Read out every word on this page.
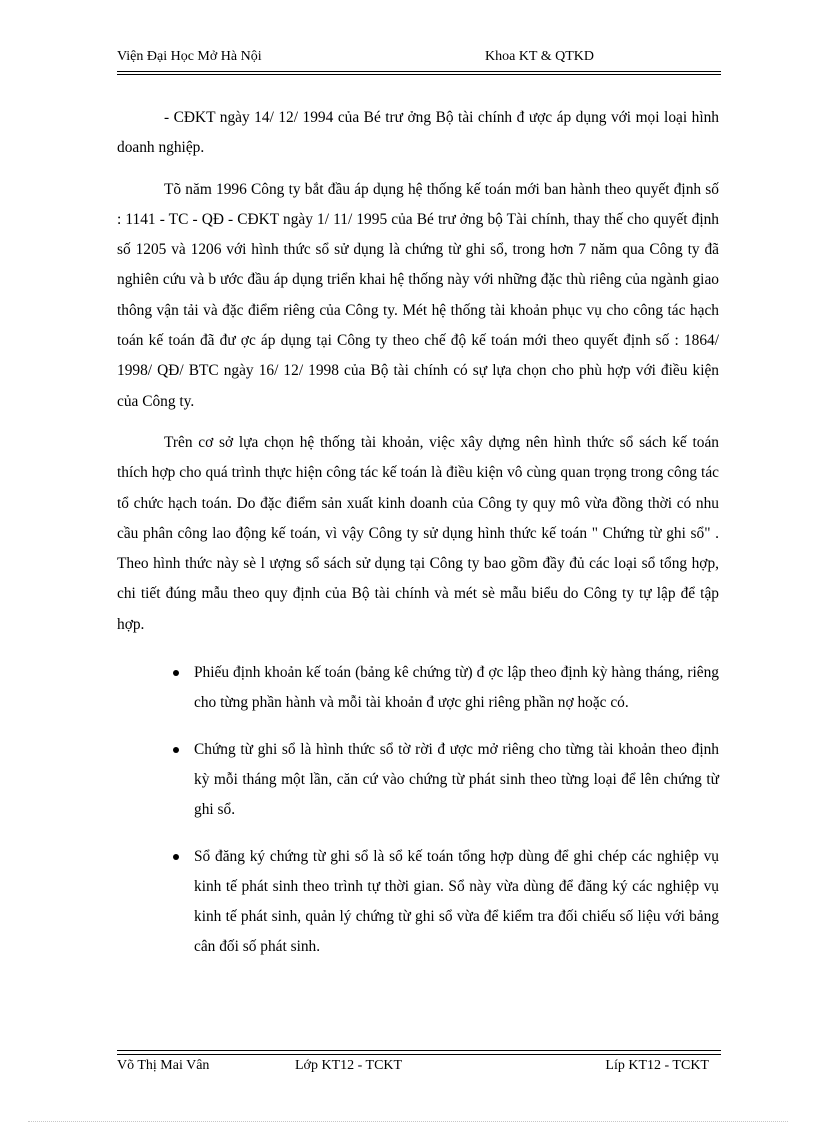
Viện Đại Học Mở Hà Nội	Khoa KT & QTKD

- CĐKT ngày 14/ 12/ 1994 của Bé trư ởng Bộ tài chính đ ược áp dụng với mọi loại hình doanh nghiệp.

Tõ năm 1996 Công ty bắt đầu áp dụng hệ thống kế toán mới ban hành theo quyết định số : 1141 - TC - QĐ - CĐKT ngày 1/ 11/ 1995 của Bé trư ởng bộ Tài chính, thay thế cho quyết định số 1205 và 1206 với hình thức sổ sử dụng là chứng từ ghi sổ, trong hơn 7 năm qua Công ty đã nghiên cứu và b ước đầu áp dụng triển khai hệ thống này với những đặc thù riêng của ngành giao thông vận tải và đặc điểm riêng của Công ty. Mét hệ thống tài khoản phục vụ cho công tác hạch toán kế toán đã đư ợc áp dụng tại Công ty theo chế độ kế toán mới theo quyết định số : 1864/ 1998/ QĐ/ BTC ngày 16/ 12/ 1998 của Bộ tài chính có sự lựa chọn cho phù hợp với điều kiện của Công ty.

Trên cơ sở lựa chọn hệ thống tài khoản, việc xây dựng nên hình thức sổ sách kế toán thích hợp cho quá trình thực hiện công tác kế toán là điều kiện vô cùng quan trọng trong công tác tổ chức hạch toán. Do đặc điểm sản xuất kinh doanh của Công ty quy mô vừa đồng thời có nhu cầu phân công lao động kế toán, vì vậy Công ty sử dụng hình thức kế toán " Chứng từ ghi sổ" . Theo hình thức này sè l ượng sổ sách sử dụng tại Công ty bao gồm đầy đủ các loại sổ tổng hợp, chi tiết đúng mẫu theo quy định của Bộ tài chính và mét sè mẫu biểu do Công ty tự lập để tập hợp.

Phiếu định khoản kế toán (bảng kê chứng từ) đ ợc lập theo định kỳ hàng tháng, riêng cho từng phần hành và mỗi tài khoản đ ược ghi riêng phần nợ hoặc có.
Chứng từ ghi sổ là hình thức sổ tờ rời đ ược mở riêng cho từng tài khoản theo định kỳ mỗi tháng một lần, căn cứ vào chứng từ phát sinh theo từng loại để lên chứng từ ghi sổ.
Sổ đăng ký chứng từ ghi sổ là sổ kế toán tổng hợp dùng để ghi chép các nghiệp vụ kinh tế phát sinh theo trình tự thời gian. Sổ này vừa dùng để đăng ký các nghiệp vụ kinh tế phát sinh, quản lý chứng từ ghi sổ vừa để kiểm tra đối chiếu số liệu với bảng cân đối số phát sinh.
Võ Thị Mai Vân	Lớp KT12 - TCKT	Líp KT12 - TCKT
